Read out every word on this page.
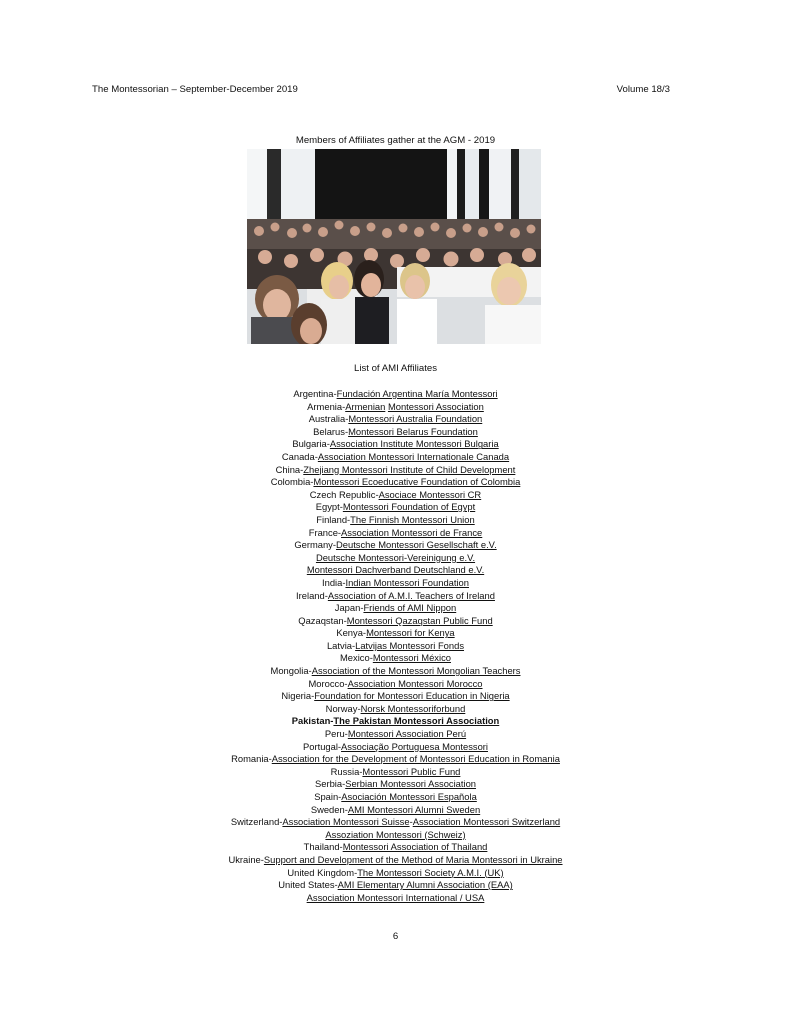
The Montessorian – September-December 2019	Volume 18/3
Members of Affiliates gather at the AGM - 2019
List of AMI Affiliates
Argentina-Fundación Argentina María Montessori
Armenia-Armenian Montessori Association
Australia-Montessori Australia Foundation
Belarus-Montessori Belarus Foundation
Bulgaria-Association Institute Montessori Bulgaria
Canada-Association Montessori Internationale Canada
China-Zhejiang Montessori Institute of Child Development
Colombia-Montessori Ecoeducative Foundation of Colombia
Czech Republic-Asociace Montessori CR
Egypt-Montessori Foundation of Egypt
Finland-The Finnish Montessori Union
France-Association Montessori de France
Germany-Deutsche Montessori Gesellschaft e.V.
Deutsche Montessori-Vereinigung e.V.
Montessori Dachverband Deutschland e.V.
India-Indian Montessori Foundation
Ireland-Association of A.M.I. Teachers of Ireland
Japan-Friends of AMI Nippon
Qazaqstan-Montessori Qazaqstan Public Fund
Kenya-Montessori for Kenya
Latvia-Latvijas Montessori Fonds
Mexico-Montessori México
Mongolia-Association of the Montessori Mongolian Teachers
Morocco-Association Montessori Morocco
Nigeria-Foundation for Montessori Education in Nigeria
Norway-Norsk Montessoriforbund
Pakistan-The Pakistan Montessori Association
Peru-Montessori Association Perú
Portugal-Associação Portuguesa Montessori
Romania-Association for the Development of Montessori Education in Romania
Russia-Montessori Public Fund
Serbia-Serbian Montessori Association
Spain-Asociación Montessori Española
Sweden-AMI Montessori Alumni Sweden
Switzerland-Association Montessori Suisse-Association Montessori Switzerland
Assoziation Montessori (Schweiz)
Thailand-Montessori Association of Thailand
Ukraine-Support and Development of the Method of Maria Montessori in Ukraine
United Kingdom-The Montessori Society A.M.I. (UK)
United States-AMI Elementary Alumni Association (EAA)
Association Montessori International / USA
6
